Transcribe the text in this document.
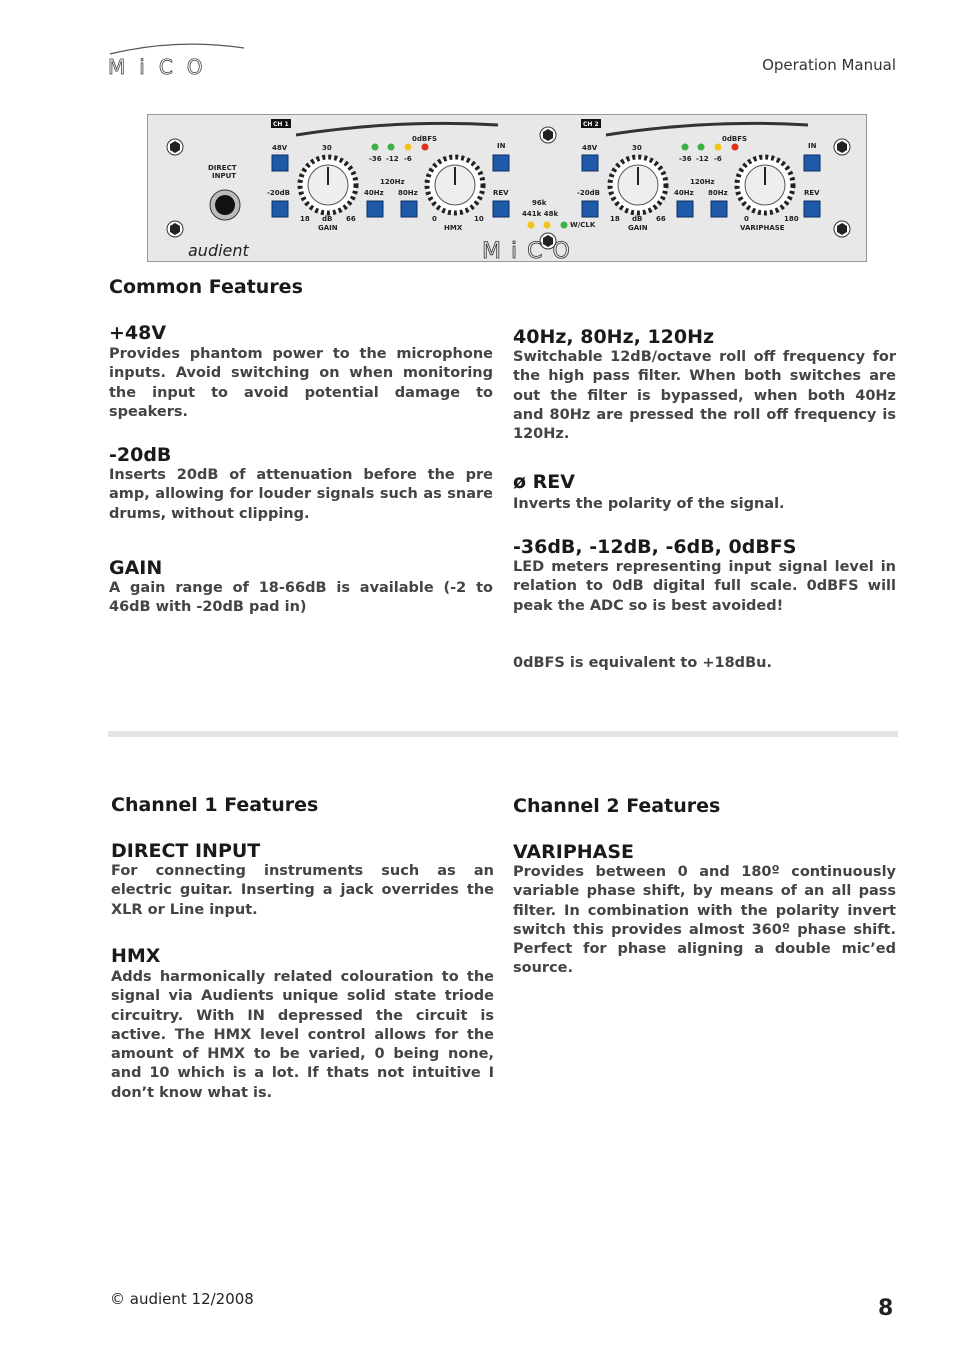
MiCO	Operation Manual
DIRECT
INPUT
CH 1
48V
-20dB
30
18 dB 66
GAIN
-36 -12 -6
0dBFS
120Hz
40Hz 80Hz
0	10
HMX
IN
REV
96k
441k 48k
W/CLK
CH 2
48V
-20dB
30
18 dB 66
GAIN
-36 -12 -6
0dBFS
120Hz
40Hz 80Hz
0	180
VARIPHASE
IN
REV
audient	MiCO
Common Features
+48V
Provides phantom power to the microphone inputs. Avoid switching on when monitoring the input to avoid potential damage to speakers.
-20dB
Inserts 20dB of attenuation before the pre amp, allowing for louder signals such as snare drums, without clipping.
GAIN
A gain range of 18-66dB is available (-2 to 46dB with -20dB pad in)
40Hz, 80Hz, 120Hz
Switchable 12dB/octave roll off frequency for the high pass filter. When both switches are out the filter is bypassed, when both 40Hz and 80Hz are pressed the roll off frequency is 120Hz.
ø REV
Inverts the polarity of the signal.
-36dB, -12dB, -6dB, 0dBFS
LED meters representing input signal level in relation to 0dB digital full scale. 0dBFS will peak the ADC so is best avoided!
0dBFS is equivalent to +18dBu.
Channel 1 Features
DIRECT INPUT
For connecting instruments such as an electric guitar. Inserting a jack overrides the XLR or Line input.
HMX
Adds harmonically related colouration to the signal via Audients unique solid state triode circuitry. With IN depressed the circuit is active. The HMX level control allows for the amount of HMX to be varied, 0 being none, and 10 which is a lot. If thats not intuitive I don’t know what is.
Channel 2 Features
VARIPHASE
Provides between 0 and 180º continuously variable phase shift, by means of an all pass filter. In combination with the polarity invert switch this provides almost 360º phase shift. Perfect for phase aligning a double mic’ed source.
© audient 12/2008	8
